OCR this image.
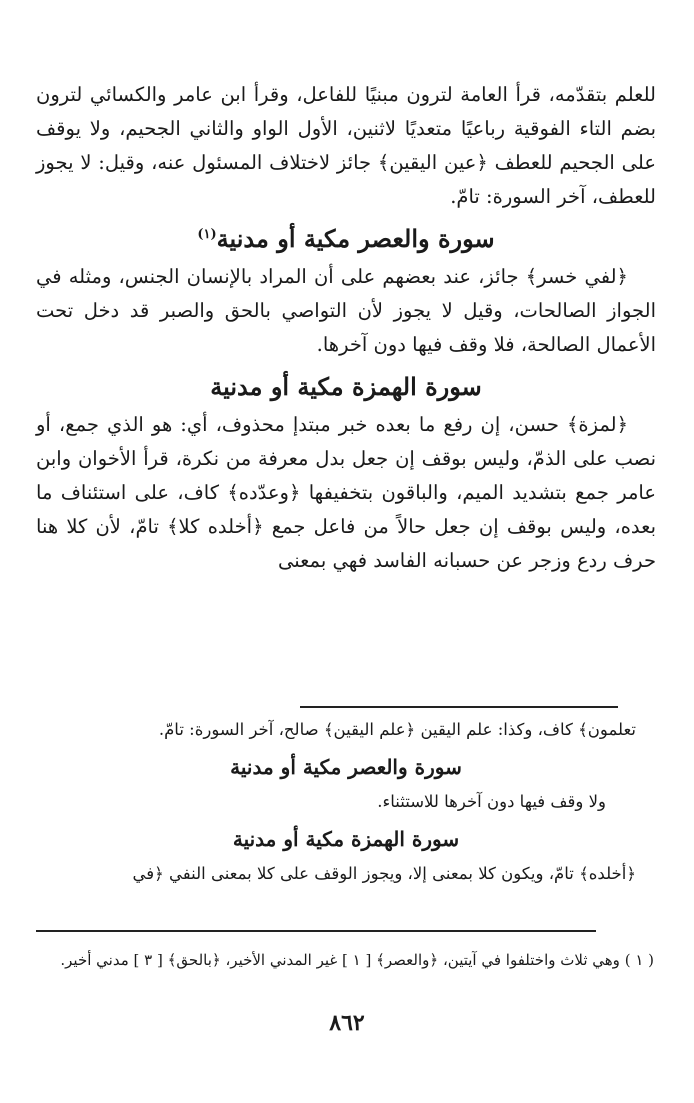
للعلم بتقدّمه، قرأ العامة لترون مبنيًا للفاعل، وقرأ ابن عامر والكسائي لترون بضم التاء الفوقية رباعيًا متعديًا لاثنين، الأول الواو والثاني الجحيم، ولا يوقف على الجحيم للعطف ﴿عين اليقين﴾ جائز لاختلاف المسئول عنه، وقيل: لا يجوز للعطف، آخر السورة: تامّ.

سورة والعصر مكية أو مدنية$^{(١)}$

﴿لفي خسر﴾ جائز، عند بعضهم على أن المراد بالإنسان الجنس، ومثله في الجواز الصالحات، وقيل لا يجوز لأن التواصي بالحق والصبر قد دخل تحت الأعمال الصالحة، فلا وقف فيها دون آخرها.

سورة الهمزة مكية أو مدنية

﴿لمزة﴾ حسن، إن رفع ما بعده خبر مبتدإ محذوف، أي: هو الذي جمع، أو نصب على الذمّ، وليس بوقف إن جعل بدل معرفة من نكرة، قرأ الأخوان وابن عامر جمع بتشديد الميم، والباقون بتخفيفها ﴿وعدّده﴾ كاف، على استئناف ما بعده، وليس بوقف إن جعل حالاً من فاعل جمع ﴿أخلده كلا﴾ تامّ، لأن كلا هنا حرف ردع وزجر عن حسبانه الفاسد فهي بمعنى

تعلمون﴾ كاف، وكذا: علم اليقين ﴿علم اليقين﴾ صالح، آخر السورة: تامّ.

سورة والعصر مكية أو مدنية

ولا وقف فيها دون آخرها للاستثناء.

سورة الهمزة مكية أو مدنية

﴿أخلده﴾ تامّ، ويكون كلا بمعنى إلا، ويجوز الوقف على كلا بمعنى النفي ﴿في

( ١ ) وهي ثلاث واختلفوا في آيتين، ﴿والعصر﴾ [ ١ ] غير المدني الأخير، ﴿بالحق﴾ [ ٣ ] مدني أخير.

٨٦٢
